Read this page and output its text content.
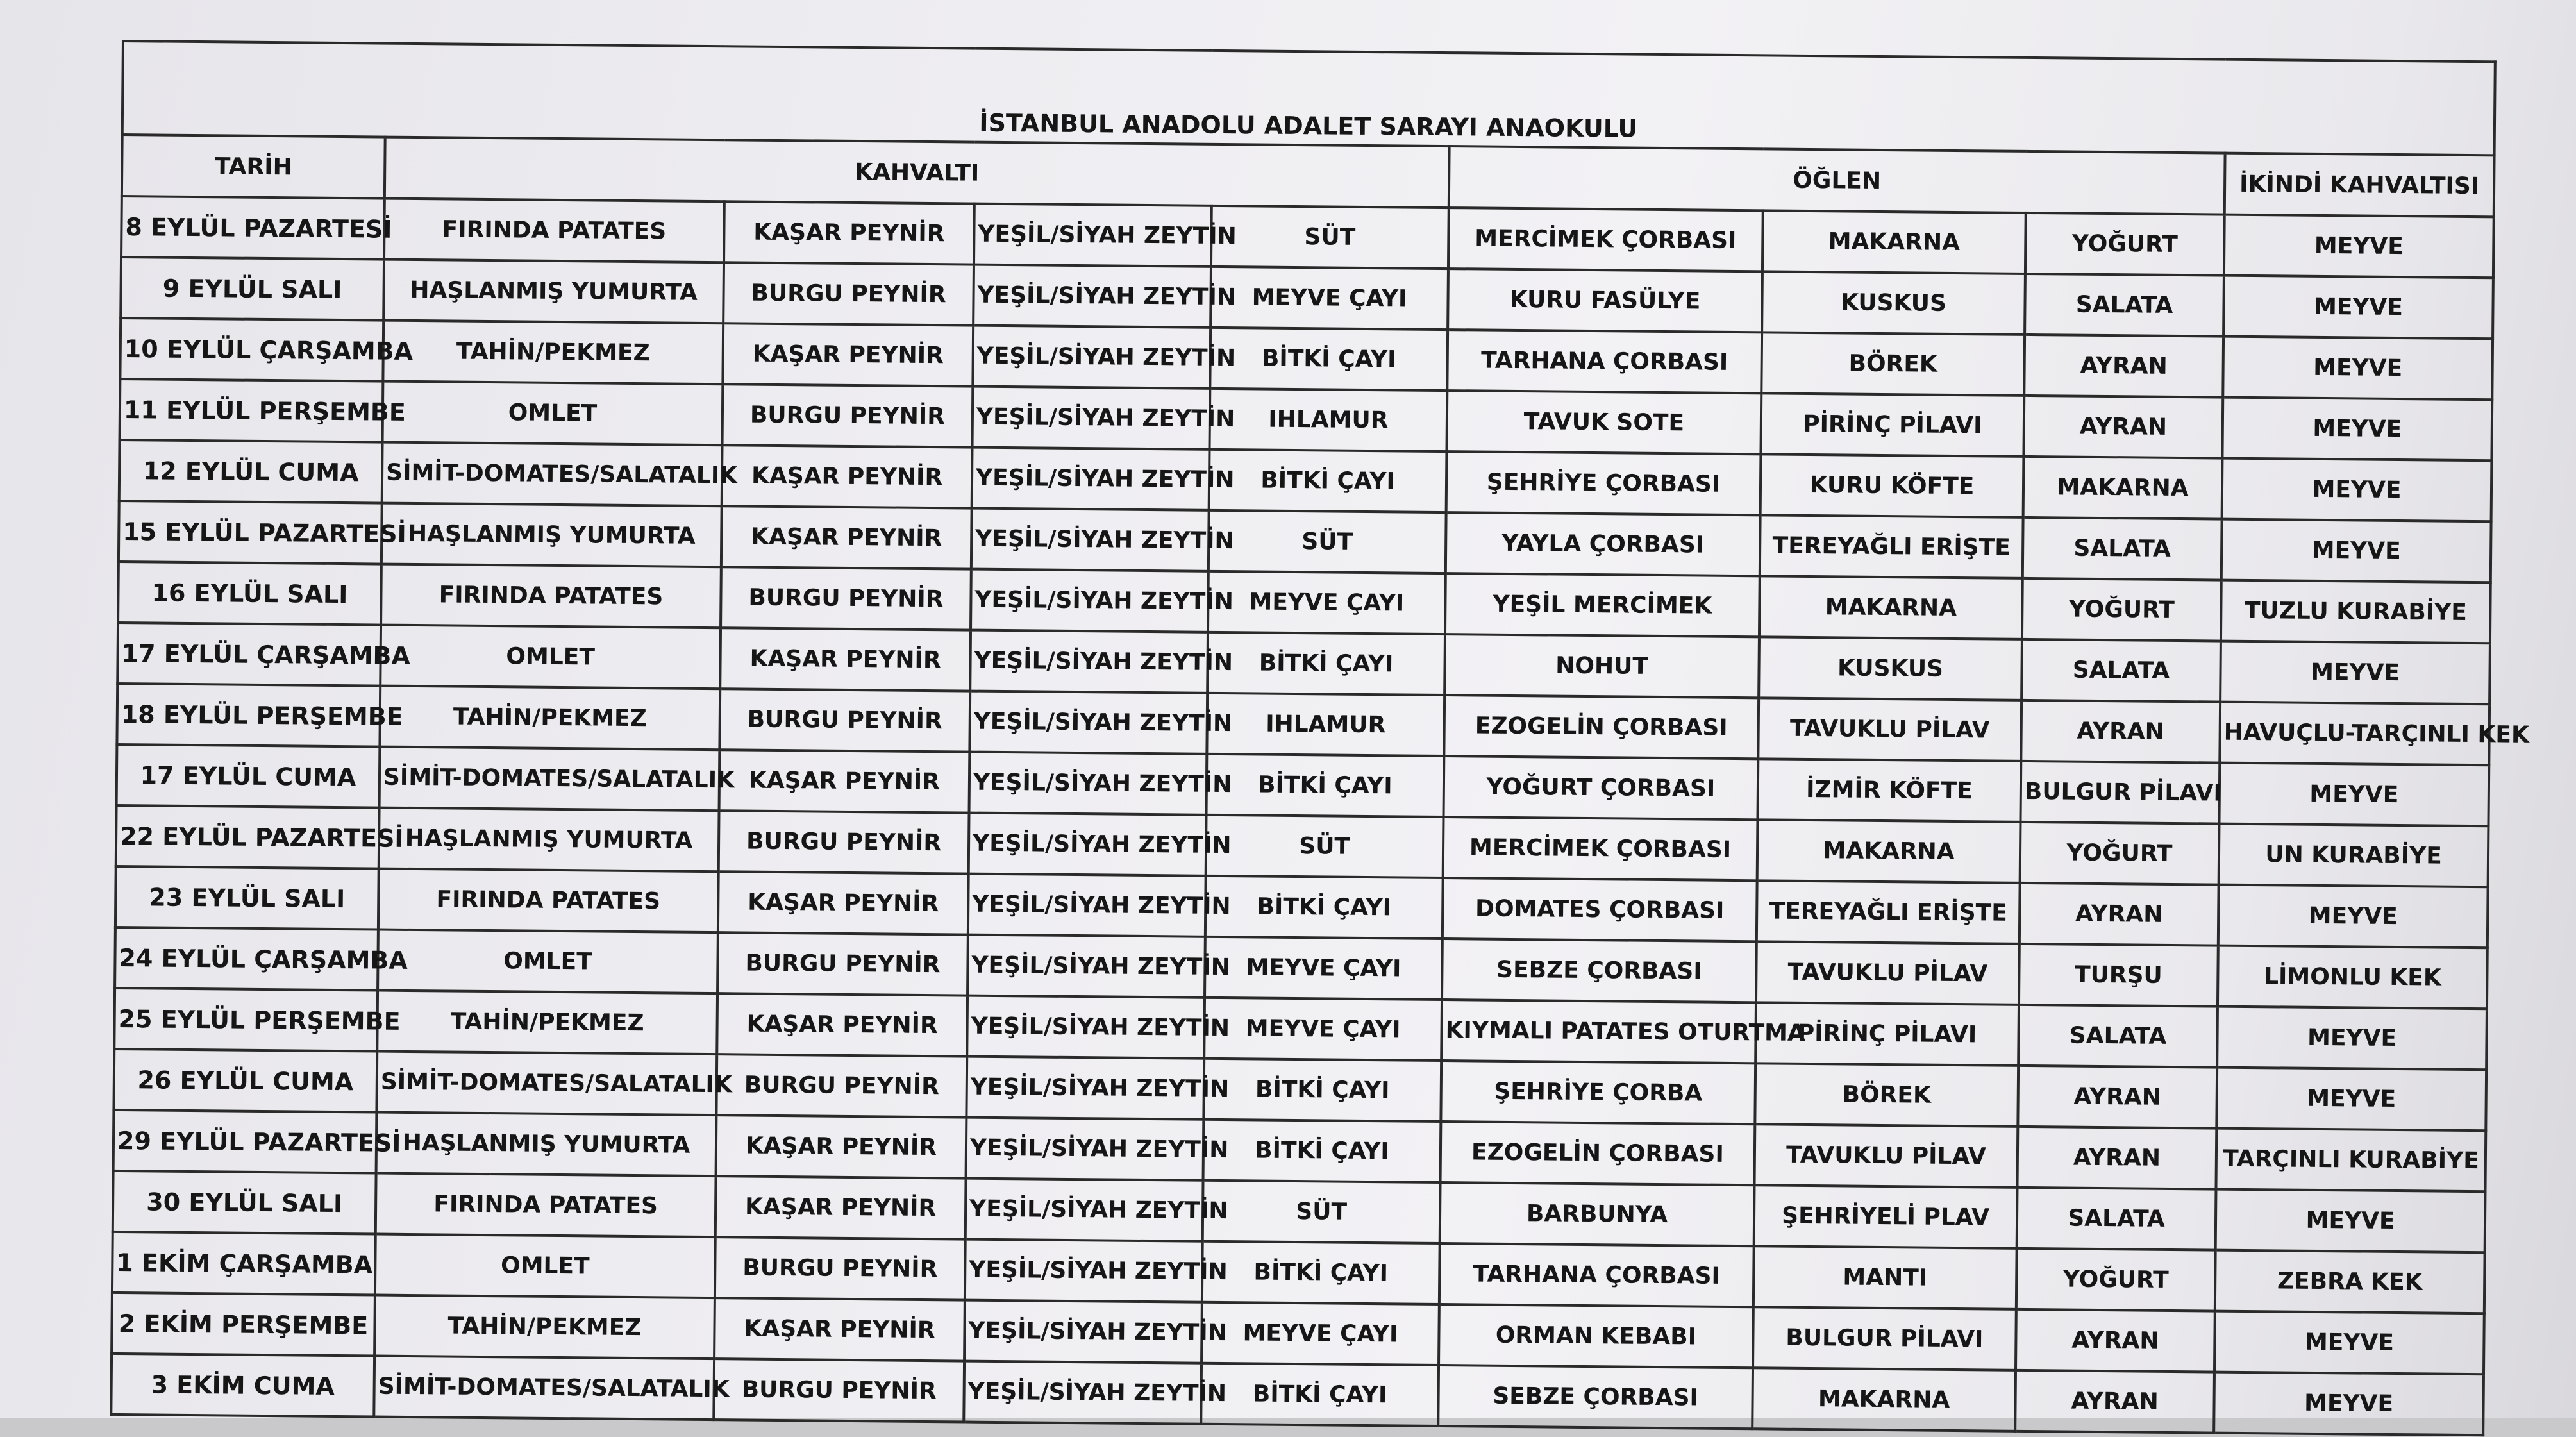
İSTANBUL ANADOLU ADALET SARAYI ANAOKULU								
TARİH	KAHVALTI				ÖĞLEN			İKİNDİ KAHVALTISI
8 EYLÜL PAZARTESİ	FIRINDA PATATES	KAŞAR PEYNİR	YEŞİL/SİYAH ZEYTİN	SÜT	MERCİMEK ÇORBASI	MAKARNA	YOĞURT	MEYVE
9 EYLÜL SALI	HAŞLANMIŞ YUMURTA	BURGU PEYNİR	YEŞİL/SİYAH ZEYTİN	MEYVE ÇAYI	KURU FASÜLYE	KUSKUS	SALATA	MEYVE
10 EYLÜL ÇARŞAMBA	TAHİN/PEKMEZ	KAŞAR PEYNİR	YEŞİL/SİYAH ZEYTİN	BİTKİ ÇAYI	TARHANA ÇORBASI	BÖREK	AYRAN	MEYVE
11 EYLÜL PERŞEMBE	OMLET	BURGU PEYNİR	YEŞİL/SİYAH ZEYTİN	IHLAMUR	TAVUK SOTE	PİRİNÇ PİLAVI	AYRAN	MEYVE
12 EYLÜL CUMA	SİMİT-DOMATES/SALATALIK	KAŞAR PEYNİR	YEŞİL/SİYAH ZEYTİN	BİTKİ ÇAYI	ŞEHRİYE ÇORBASI	KURU KÖFTE	MAKARNA	MEYVE
15 EYLÜL PAZARTESİ	HAŞLANMIŞ YUMURTA	KAŞAR PEYNİR	YEŞİL/SİYAH ZEYTİN	SÜT	YAYLA ÇORBASI	TEREYAĞLI ERİŞTE	SALATA	MEYVE
16 EYLÜL SALI	FIRINDA PATATES	BURGU PEYNİR	YEŞİL/SİYAH ZEYTİN	MEYVE ÇAYI	YEŞİL MERCİMEK	MAKARNA	YOĞURT	TUZLU KURABİYE
17 EYLÜL ÇARŞAMBA	OMLET	KAŞAR PEYNİR	YEŞİL/SİYAH ZEYTİN	BİTKİ ÇAYI	NOHUT	KUSKUS	SALATA	MEYVE
18 EYLÜL PERŞEMBE	TAHİN/PEKMEZ	BURGU PEYNİR	YEŞİL/SİYAH ZEYTİN	IHLAMUR	EZOGELİN ÇORBASI	TAVUKLU PİLAV	AYRAN	HAVUÇLU-TARÇINLI KEK
17 EYLÜL CUMA	SİMİT-DOMATES/SALATALIK	KAŞAR PEYNİR	YEŞİL/SİYAH ZEYTİN	BİTKİ ÇAYI	YOĞURT ÇORBASI	İZMİR KÖFTE	BULGUR PİLAVI	MEYVE
22 EYLÜL PAZARTESİ	HAŞLANMIŞ YUMURTA	BURGU PEYNİR	YEŞİL/SİYAH ZEYTİN	SÜT	MERCİMEK ÇORBASI	MAKARNA	YOĞURT	UN KURABİYE
23 EYLÜL SALI	FIRINDA PATATES	KAŞAR PEYNİR	YEŞİL/SİYAH ZEYTİN	BİTKİ ÇAYI	DOMATES ÇORBASI	TEREYAĞLI ERİŞTE	AYRAN	MEYVE
24 EYLÜL ÇARŞAMBA	OMLET	BURGU PEYNİR	YEŞİL/SİYAH ZEYTİN	MEYVE ÇAYI	SEBZE ÇORBASI	TAVUKLU PİLAV	TURŞU	LİMONLU KEK
25 EYLÜL PERŞEMBE	TAHİN/PEKMEZ	KAŞAR PEYNİR	YEŞİL/SİYAH ZEYTİN	MEYVE ÇAYI	KIYMALI PATATES OTURTMA	PİRİNÇ PİLAVI	SALATA	MEYVE
26 EYLÜL CUMA	SİMİT-DOMATES/SALATALIK	BURGU PEYNİR	YEŞİL/SİYAH ZEYTİN	BİTKİ ÇAYI	ŞEHRİYE ÇORBA	BÖREK	AYRAN	MEYVE
29 EYLÜL PAZARTESİ	HAŞLANMIŞ YUMURTA	KAŞAR PEYNİR	YEŞİL/SİYAH ZEYTİN	BİTKİ ÇAYI	EZOGELİN ÇORBASI	TAVUKLU PİLAV	AYRAN	TARÇINLI KURABİYE
30 EYLÜL SALI	FIRINDA PATATES	KAŞAR PEYNİR	YEŞİL/SİYAH ZEYTİN	SÜT	BARBUNYA	ŞEHRİYELİ PLAV	SALATA	MEYVE
1 EKİM ÇARŞAMBA	OMLET	BURGU PEYNİR	YEŞİL/SİYAH ZEYTİN	BİTKİ ÇAYI	TARHANA ÇORBASI	MANTI	YOĞURT	ZEBRA KEK
2 EKİM PERŞEMBE	TAHİN/PEKMEZ	KAŞAR PEYNİR	YEŞİL/SİYAH ZEYTİN	MEYVE ÇAYI	ORMAN KEBABI	BULGUR PİLAVI	AYRAN	MEYVE
3 EKİM CUMA	SİMİT-DOMATES/SALATALIK	BURGU PEYNİR	YEŞİL/SİYAH ZEYTİN	BİTKİ ÇAYI	SEBZE ÇORBASI	MAKARNA	AYRAN	MEYVE
